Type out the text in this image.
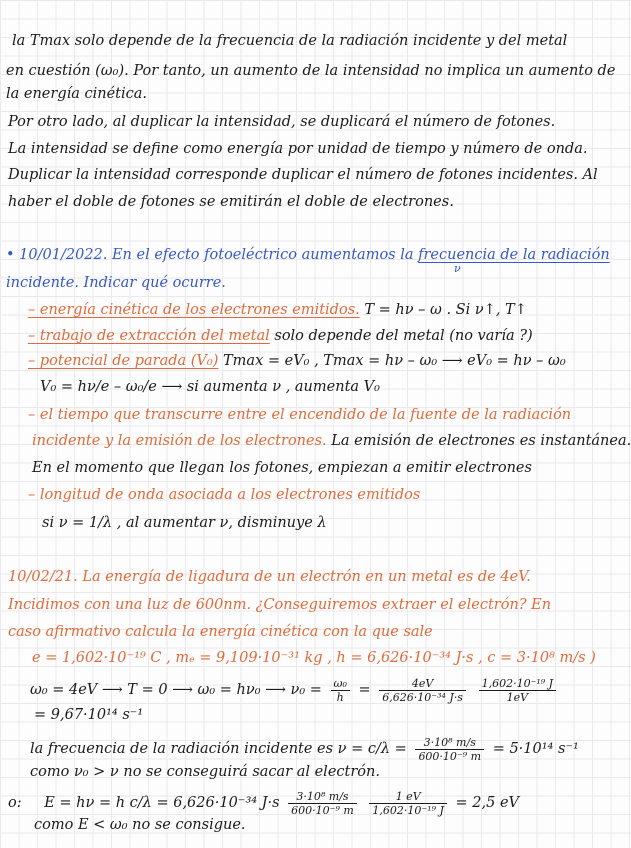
la Tmax solo depende de la frecuencia de la radiación incidente y del metal

en cuestión (ω₀). Por tanto, un aumento de la intensidad no implica un aumento de

la energía cinética.

Por otro lado, al duplicar la intensidad, se duplicará el número de fotones.

La intensidad se define como energía por unidad de tiempo y número de onda.

Duplicar la intensidad corresponde duplicar el número de fotones incidentes. Al

haber el doble de fotones se emitirán el doble de electrones.

• 10/01/2022. En el efecto fotoeléctrico aumentamos la frecuencia de la radiación

ν

incidente. Indicar qué ocurre.

– energía cinética de los electrones emitidos. T = hν – ω . Si ν↑, T↑

– trabajo de extracción del metal solo depende del metal (no varía ?)

– potencial de parada (V₀) Tmax = eV₀ , Tmax = hν – ω₀ ⟶ eV₀ = hν – ω₀

V₀ = hν/e – ω₀/e ⟶ si aumenta ν , aumenta V₀

– el tiempo que transcurre entre el encendido de la fuente de la radiación

incidente y la emisión de los electrones. La emisión de electrones es instantánea.

En el momento que llegan los fotones, empiezan a emitir electrones

– longitud de onda asociada a los electrones emitidos

si ν = 1/λ , al aumentar ν, disminuye λ

10/02/21. La energía de ligadura de un electrón en un metal es de 4eV.

Incidimos con una luz de 600nm. ¿Conseguiremos extraer el electrón? En

caso afirmativo calcula la energía cinética con la que sale

e = 1,602·10⁻¹⁹ C , mₑ = 9,109·10⁻³¹ kg , h = 6,626·10⁻³⁴ J·s , c = 3·10⁸ m/s )

ω₀ = 4eV ⟶ T = 0 ⟶ ω₀ = hν₀ ⟶ $\nu_0 = \frac{\text{ω₀}}{h} = \frac{4eV}{\text{6,626·10⁻³⁴ J·s}}$
$\frac{\text{1,602·10⁻¹⁹ J}}{1eV}$

= 9,67·10¹⁴ s⁻¹

la frecuencia de la radiación incidente es $\nu = c/\lambda = \frac{\text{3·10⁸ m/s}}{\text{600·10⁻⁹ m}} = 5\cdot 10^{14}$ s⁻¹

como ν₀ > ν no se conseguirá sacar al electrón.

o: E = hν = h c/λ = 6,626·10⁻³⁴ $J\cdot s \frac{\text{3·10⁸ m/s}}{\text{600·10⁻⁹ m}}$
$\frac{1 eV}{\text{1,602·10⁻¹⁹ J}} = 2,5$ eV

como E < ω₀ no se consigue.
